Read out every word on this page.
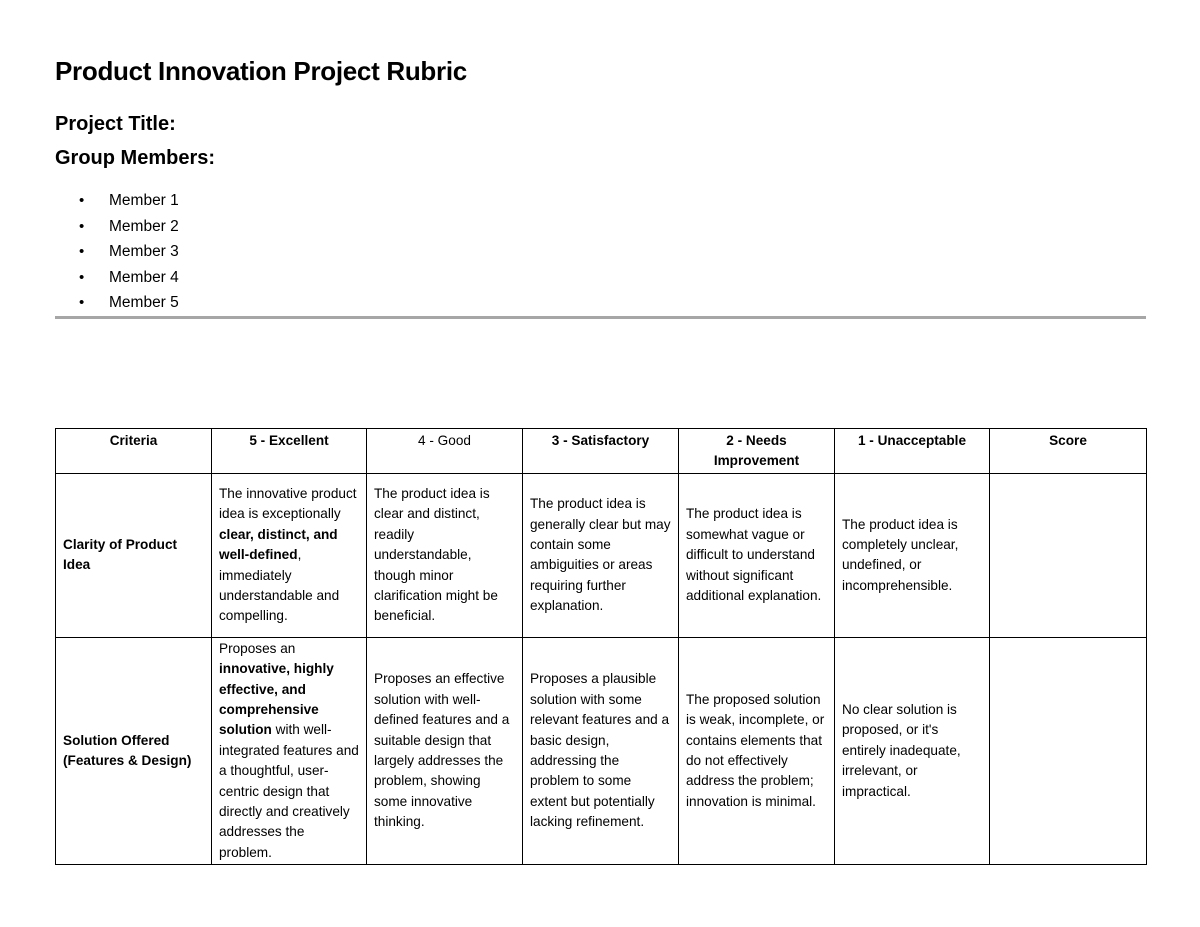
Product Innovation Project Rubric
Project Title:
Group Members:
• Member 1
• Member 2
• Member 3
• Member 4
• Member 5
Criteria	5 - Excellent	4 - Good	3 - Satisfactory	2 - Needs Improvement	1 - Unacceptable	Score
Clarity of Product Idea	The innovative product idea is exceptionally clear, distinct, and well-defined, immediately understandable and compelling.	The product idea is clear and distinct, readily understandable, though minor clarification might be beneficial.	The product idea is generally clear but may contain some ambiguities or areas requiring further explanation.	The product idea is somewhat vague or difficult to understand without significant additional explanation.	The product idea is completely unclear, undefined, or incomprehensible.	
Solution Offered (Features & Design)	Proposes an innovative, highly effective, and comprehensive solution with well-integrated features and a thoughtful, user-centric design that directly and creatively addresses the problem.	Proposes an effective solution with well-defined features and a suitable design that largely addresses the problem, showing some innovative thinking.	Proposes a plausible solution with some relevant features and a basic design, addressing the problem to some extent but potentially lacking refinement.	The proposed solution is weak, incomplete, or contains elements that do not effectively address the problem; innovation is minimal.	No clear solution is proposed, or it's entirely inadequate, irrelevant, or impractical.	
